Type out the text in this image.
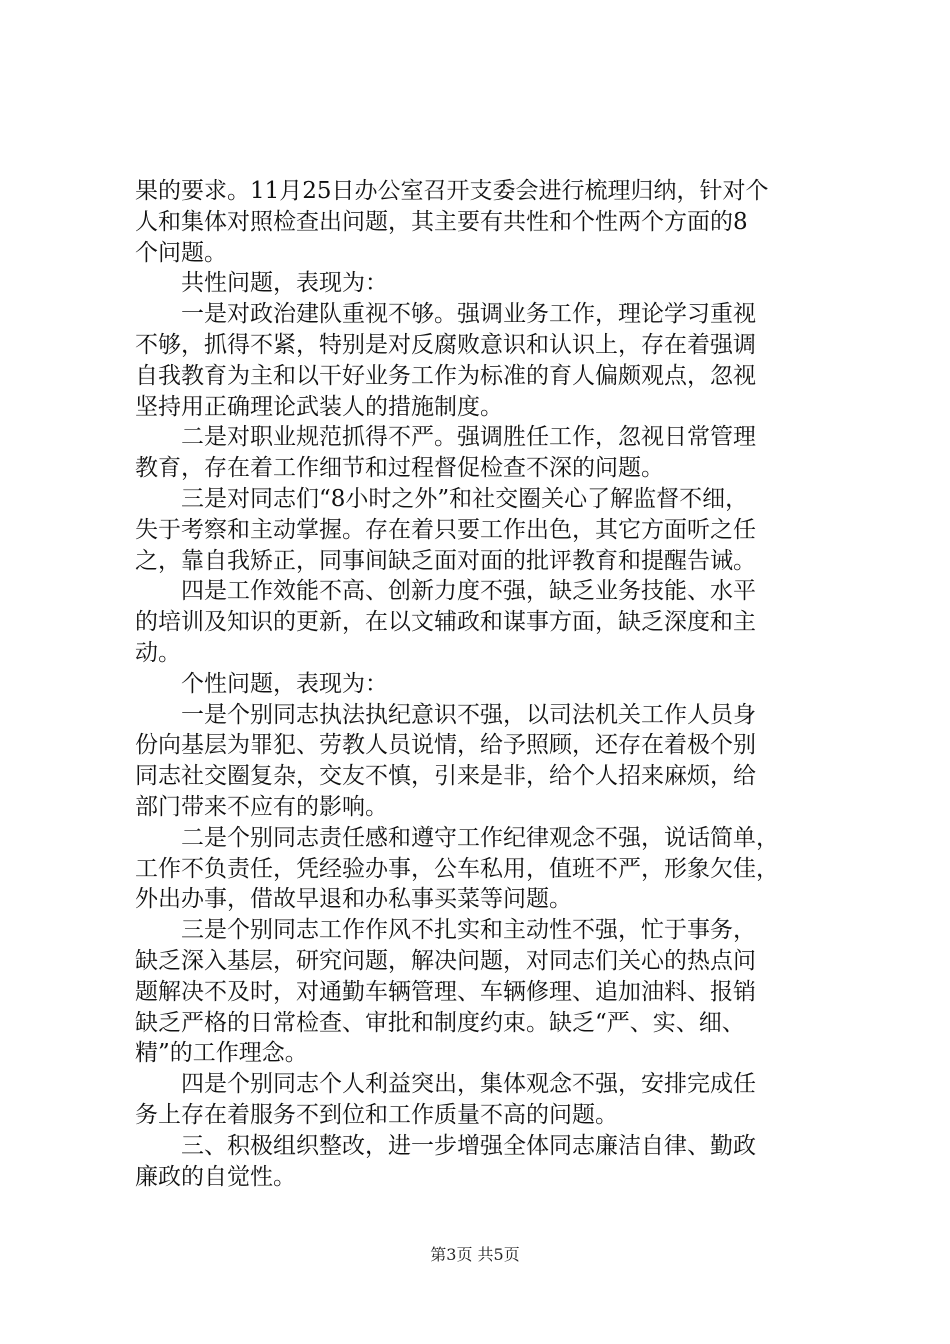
果的要求。11月25日办公室召开支委会进行梳理归纳，针对个
人和集体对照检查出问题，其主要有共性和个性两个方面的8
个问题。
共性问题，表现为：
一是对政治建队重视不够。强调业务工作，理论学习重视
不够，抓得不紧，特别是对反腐败意识和认识上，存在着强调
自我教育为主和以干好业务工作为标准的育人偏颇观点，忽视
坚持用正确理论武装人的措施制度。
二是对职业规范抓得不严。强调胜任工作，忽视日常管理
教育，存在着工作细节和过程督促检查不深的问题。
三是对同志们“8小时之外”和社交圈关心了解监督不细，
失于考察和主动掌握。存在着只要工作出色，其它方面听之任
之，靠自我矫正，同事间缺乏面对面的批评教育和提醒告诫。
四是工作效能不高、创新力度不强，缺乏业务技能、水平
的培训及知识的更新，在以文辅政和谋事方面，缺乏深度和主
动。
个性问题，表现为：
一是个别同志执法执纪意识不强，以司法机关工作人员身
份向基层为罪犯、劳教人员说情，给予照顾，还存在着极个别
同志社交圈复杂，交友不慎，引来是非，给个人招来麻烦，给
部门带来不应有的影响。
二是个别同志责任感和遵守工作纪律观念不强，说话简单，
工作不负责任，凭经验办事，公车私用，值班不严，形象欠佳，
外出办事，借故早退和办私事买菜等问题。
三是个别同志工作作风不扎实和主动性不强，忙于事务，
缺乏深入基层，研究问题，解决问题，对同志们关心的热点问
题解决不及时，对通勤车辆管理、车辆修理、追加油料、报销
缺乏严格的日常检查、审批和制度约束。缺乏“严、实、细、
精”的工作理念。
四是个别同志个人利益突出，集体观念不强，安排完成任
务上存在着服务不到位和工作质量不高的问题。
三、积极组织整改，进一步增强全体同志廉洁自律、勤政
廉政的自觉性。
第3页 共5页
